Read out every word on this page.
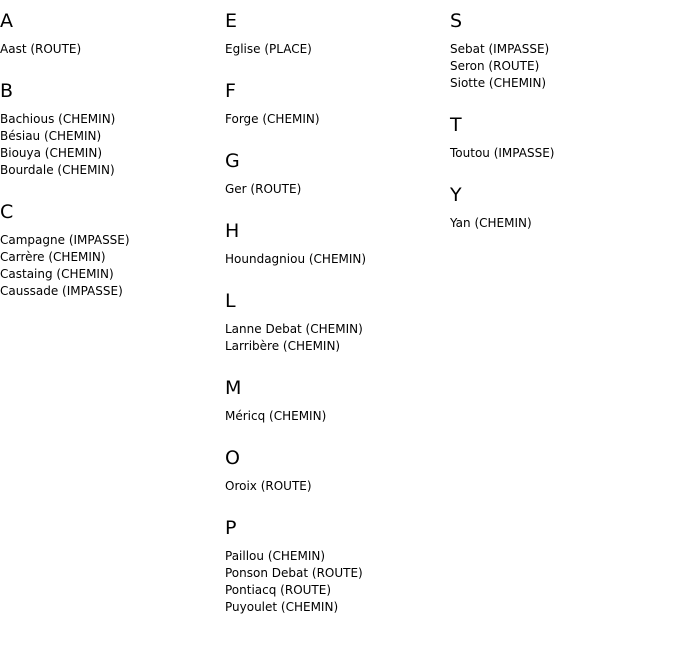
A
Aast (ROUTE)
B
Bachious (CHEMIN)
Bésiau (CHEMIN)
Biouya (CHEMIN)
Bourdale (CHEMIN)
C
Campagne (IMPASSE)
Carrère (CHEMIN)
Castaing (CHEMIN)
Caussade (IMPASSE)
E
Eglise (PLACE)
F
Forge (CHEMIN)
G
Ger (ROUTE)
H
Houndagniou (CHEMIN)
L
Lanne Debat (CHEMIN)
Larribère (CHEMIN)
M
Méricq (CHEMIN)
O
Oroix (ROUTE)
P
Paillou (CHEMIN)
Ponson Debat (ROUTE)
Pontiacq (ROUTE)
Puyoulet (CHEMIN)
S
Sebat (IMPASSE)
Seron (ROUTE)
Siotte (CHEMIN)
T
Toutou (IMPASSE)
Y
Yan (CHEMIN)
